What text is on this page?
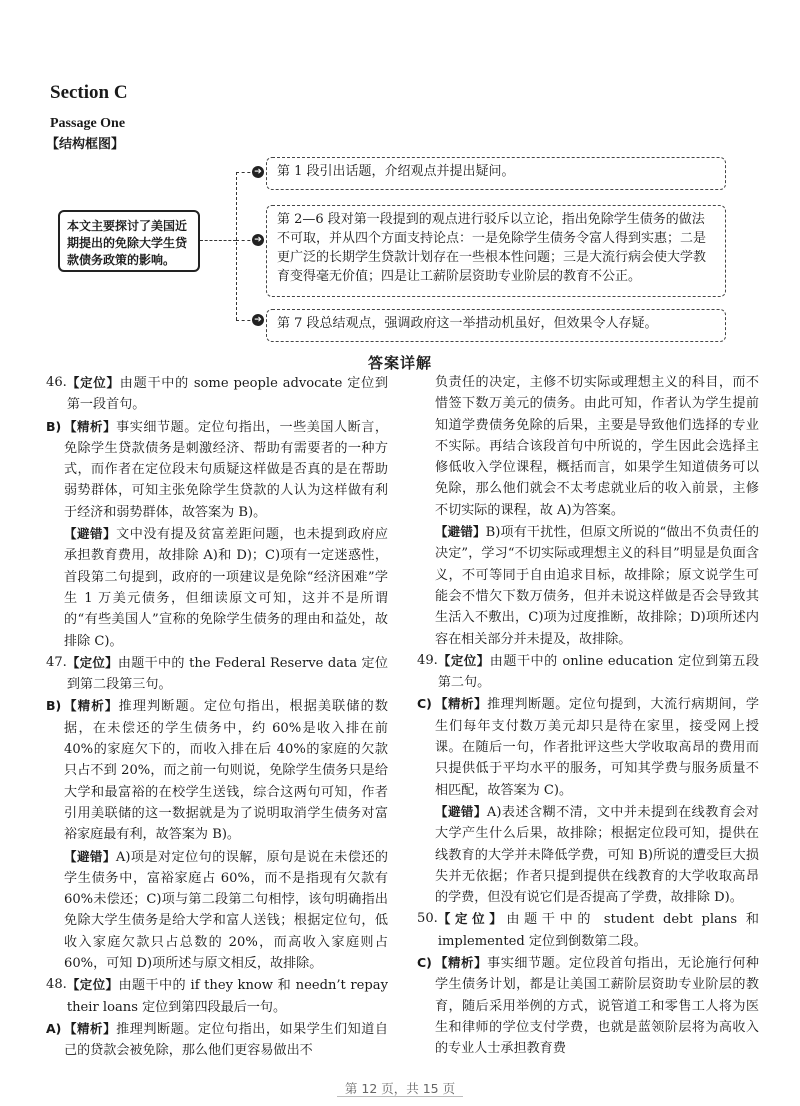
Section C
Passage One
【结构框图】
本文主要探讨了美国近期提出的免除大学生贷款债务政策的影响。
➔	第 1 段引出话题，介绍观点并提出疑问。
➔
第 2—6 段对第一段提到的观点进行驳斥以立论，指出免除学生债务的做法不可取，并从四个方面支持论点：一是免除学生债务令富人得到实惠；二是更广泛的长期学生贷款计划存在一些根本性问题；三是大流行病会使大学教育变得毫无价值；四是让工薪阶层资助专业阶层的教育不公正。
➔	第 7 段总结观点，强调政府这一举措动机虽好，但效果令人存疑。
答案详解
46. 【定位】由题干中的 some people advocate 定位到第一段首句。

B) 【精析】事实细节题。定位句指出，一些美国人断言，免除学生贷款债务是刺激经济、帮助有需要者的一种方式，而作者在定位段末句质疑这样做是否真的是在帮助弱势群体，可知主张免除学生贷款的人认为这样做有利于经济和弱势群体，故答案为 B)。

【避错】文中没有提及贫富差距问题，也未提到政府应承担教育费用，故排除 A)和 D)；C)项有一定迷惑性，首段第二句提到，政府的一项建议是免除“经济困难”学生 1 万美元债务，但细读原文可知，这并不是所谓的“有些美国人”宣称的免除学生债务的理由和益处，故排除 C)。

47. 【定位】由题干中的 the Federal Reserve data 定位到第二段第三句。

B) 【精析】推理判断题。定位句指出，根据美联储的数据，在未偿还的学生债务中，约 60%是收入排在前 40%的家庭欠下的，而收入排在后 40%的家庭的欠款只占不到 20%，而之前一句则说，免除学生债务只是给大学和最富裕的在校学生送钱，综合这两句可知，作者引用美联储的这一数据就是为了说明取消学生债务对富裕家庭最有利，故答案为 B)。

【避错】A)项是对定位句的误解，原句是说在未偿还的学生债务中，富裕家庭占 60%，而不是指现有欠款有 60%未偿还；C)项与第二段第二句相悖，该句明确指出免除大学生债务是给大学和富人送钱；根据定位句，低收入家庭欠款只占总数的 20%，而高收入家庭则占 60%，可知 D)项所述与原文相反，故排除。

48. 【定位】由题干中的 if they know 和 needn’t repay their loans 定位到第四段最后一句。

A) 【精析】推理判断题。定位句指出，如果学生们知道自己的贷款会被免除，那么他们更容易做出不

负责任的决定，主修不切实际或理想主义的科目，而不惜签下数万美元的债务。由此可知，作者认为学生提前知道学费债务免除的后果，主要是导致他们选择的专业不实际。再结合该段首句中所说的，学生因此会选择主修低收入学位课程，概括而言，如果学生知道债务可以免除，那么他们就会不太考虑就业后的收入前景，主修不切实际的课程，故 A)为答案。

【避错】B)项有干扰性，但原文所说的“做出不负责任的决定”，学习“不切实际或理想主义的科目”明显是负面含义，不可等同于自由追求目标，故排除；原文说学生可能会不惜欠下数万债务，但并未说这样做是否会导致其生活入不敷出，C)项为过度推断，故排除；D)项所述内容在相关部分并未提及，故排除。

49. 【定位】由题干中的 online education 定位到第五段第二句。

C) 【精析】推理判断题。定位句提到，大流行病期间，学生们每年支付数万美元却只是待在家里，接受网上授课。在随后一句，作者批评这些大学收取高昂的费用而只提供低于平均水平的服务，可知其学费与服务质量不相匹配，故答案为 C)。

【避错】A)表述含糊不清，文中并未提到在线教育会对大学产生什么后果，故排除；根据定位段可知，提供在线教育的大学并未降低学费，可知 B)所说的遭受巨大损失并无依据；作者只提到提供在线教育的大学收取高昂的学费，但没有说它们是否提高了学费，故排除 D)。

50. 【定位】由题干中的 student debt plans 和 implemented 定位到倒数第二段。

C) 【精析】事实细节题。定位段首句指出，无论施行何种学生债务计划，都是让美国工薪阶层资助专业阶层的教育，随后采用举例的方式，说管道工和零售工人将为医生和律师的学位支付学费，也就是蓝领阶层将为高收入的专业人士承担教育费

第 12 页，共 15 页
